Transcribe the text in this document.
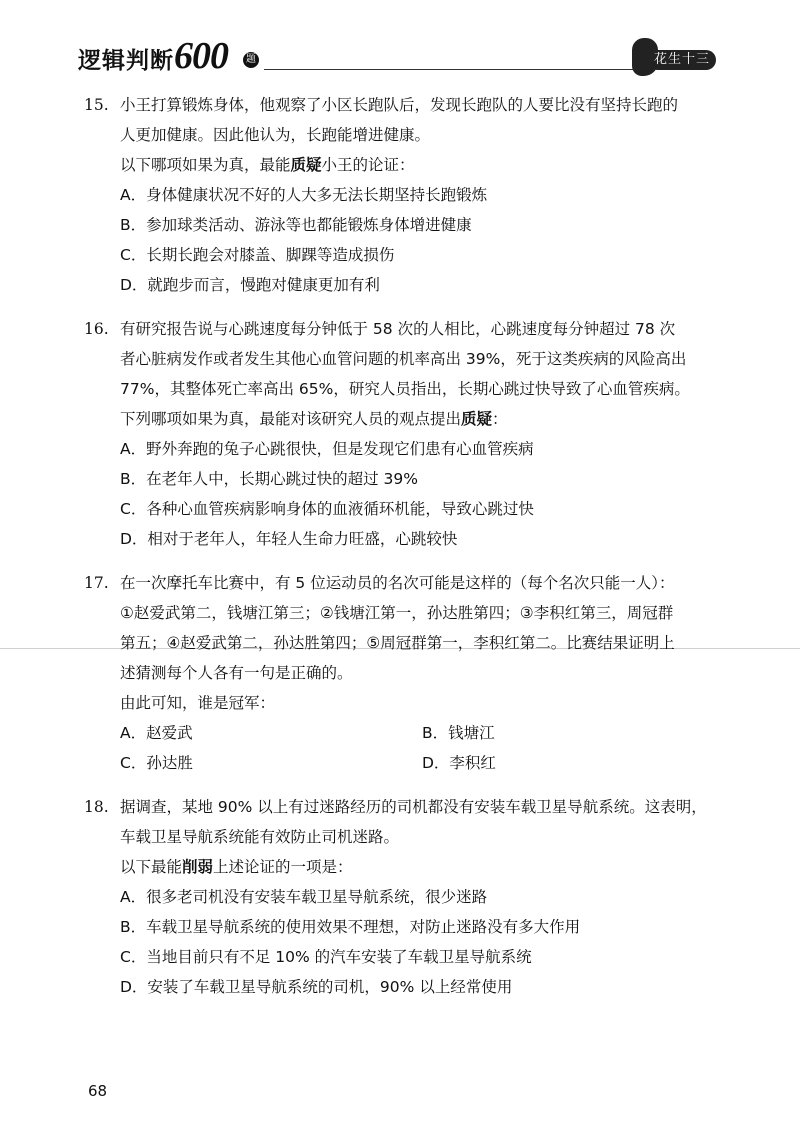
逻辑判断 600	题	花生十三
15. 小王打算锻炼身体，他观察了小区长跑队后，发现长跑队的人要比没有坚持长跑的
人更加健康。因此他认为，长跑能增进健康。
以下哪项如果为真，最能质疑小王的论证：
A．身体健康状况不好的人大多无法长期坚持长跑锻炼
B．参加球类活动、游泳等也都能锻炼身体增进健康
C．长期长跑会对膝盖、脚踝等造成损伤
D．就跑步而言，慢跑对健康更加有利
16. 有研究报告说与心跳速度每分钟低于 58 次的人相比，心跳速度每分钟超过 78 次
者心脏病发作或者发生其他心血管问题的机率高出 39%，死于这类疾病的风险高出
77%，其整体死亡率高出 65%，研究人员指出，长期心跳过快导致了心血管疾病。
下列哪项如果为真，最能对该研究人员的观点提出质疑：
A．野外奔跑的兔子心跳很快，但是发现它们患有心血管疾病
B．在老年人中，长期心跳过快的超过 39%
C．各种心血管疾病影响身体的血液循环机能，导致心跳过快
D．相对于老年人，年轻人生命力旺盛，心跳较快
17. 在一次摩托车比赛中，有 5 位运动员的名次可能是这样的（每个名次只能一人）：
①赵爱武第二，钱塘江第三；②钱塘江第一，孙达胜第四；③李积红第三，周冠群
第五；④赵爱武第二，孙达胜第四；⑤周冠群第一，李积红第二。比赛结果证明上
述猜测每个人各有一句是正确的。
由此可知，谁是冠军：
A．赵爱武	B．钱塘江
C．孙达胜	D．李积红
18. 据调查，某地 90% 以上有过迷路经历的司机都没有安装车载卫星导航系统。这表明，
车载卫星导航系统能有效防止司机迷路。
以下最能削弱上述论证的一项是：
A．很多老司机没有安装车载卫星导航系统，很少迷路
B．车载卫星导航系统的使用效果不理想，对防止迷路没有多大作用
C．当地目前只有不足 10% 的汽车安装了车载卫星导航系统
D．安装了车载卫星导航系统的司机，90% 以上经常使用
68
